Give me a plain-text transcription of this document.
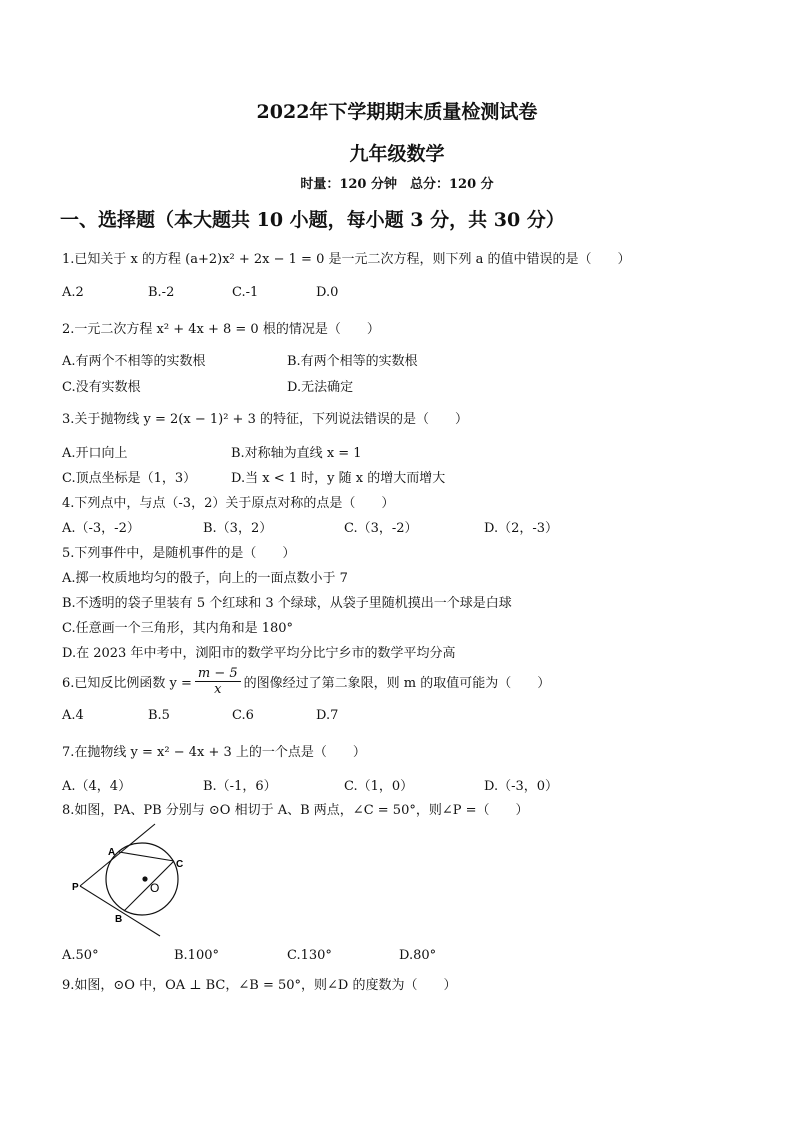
2022年下学期期末质量检测试卷
九年级数学
时量：120 分钟　总分：120 分
一、选择题（本大题共 10 小题，每小题 3 分，共 30 分）
1.已知关于 x 的方程 (a+2)x² + 2x − 1 = 0 是一元二次方程，则下列 a 的值中错误的是（　　）
A.2	B.-2	C.-1	D.0
2.一元二次方程 x² + 4x + 8 = 0 根的情况是（　　）
A.有两个不相等的实数根	B.有两个相等的实数根
C.没有实数根	D.无法确定
3.关于抛物线 y = 2(x − 1)² + 3 的特征，下列说法错误的是（　　）
A.开口向上	B.对称轴为直线 x = 1
C.顶点坐标是（1，3）	D.当 x < 1 时，y 随 x 的增大而增大
4.下列点中，与点（-3，2）关于原点对称的点是（　　）
A.（-3，-2）	B.（3，2）	C.（3，-2）	D.（2，-3）
5.下列事件中，是随机事件的是（　　）
A.掷一枚质地均匀的骰子，向上的一面点数小于 7
B.不透明的袋子里装有 5 个红球和 3 个绿球，从袋子里随机摸出一个球是白球
C.任意画一个三角形，其内角和是 180°
D.在 2023 年中考中，浏阳市的数学平均分比宁乡市的数学平均分高
6.已知反比例函数 $y = \frac{m - 5}{x}$ 的图像经过了第二象限，则 m 的取值可能为（　　）
A.4	B.5	C.6	D.7
7.在抛物线 y = x² − 4x + 3 上的一个点是（　　）
A.（4，4）	B.（-1，6）	C.（1，0）	D.（-3，0）
8.如图，PA、PB 分别与 ⊙O 相切于 A、B 两点，∠C = 50°，则∠P =（　　）
A
C
P	O
B
A.50°	B.100°	C.130°	D.80°
9.如图，⊙O 中，OA ⊥ BC，∠B = 50°，则∠D 的度数为（　　）
